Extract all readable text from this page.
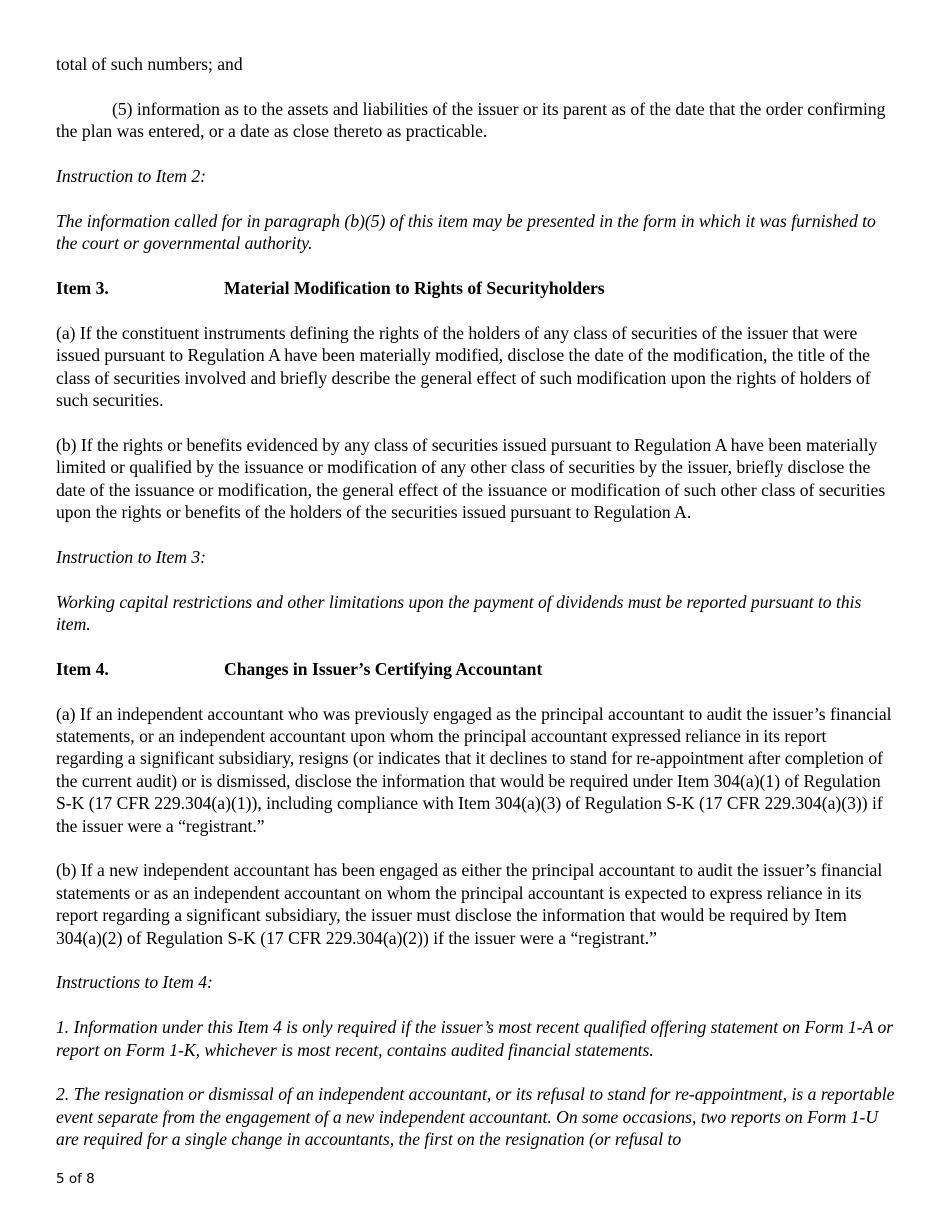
total of such numbers; and

(5) information as to the assets and liabilities of the issuer or its parent as of the date that the order confirming the plan was entered, or a date as close thereto as practicable.

Instruction to Item 2:

The information called for in paragraph (b)(5) of this item may be presented in the form in which it was furnished to the court or governmental authority.

Item 3.	Material Modification to Rights of Securityholders

(a) If the constituent instruments defining the rights of the holders of any class of securities of the issuer that were issued pursuant to Regulation A have been materially modified, disclose the date of the modification, the title of the class of securities involved and briefly describe the general effect of such modification upon the rights of holders of such securities.

(b) If the rights or benefits evidenced by any class of securities issued pursuant to Regulation A have been materially limited or qualified by the issuance or modification of any other class of securities by the issuer, briefly disclose the date of the issuance or modification, the general effect of the issuance or modification of such other class of securities upon the rights or benefits of the holders of the securities issued pursuant to Regulation A.

Instruction to Item 3:

Working capital restrictions and other limitations upon the payment of dividends must be reported pursuant to this item.

Item 4.	Changes in Issuer’s Certifying Accountant

(a) If an independent accountant who was previously engaged as the principal accountant to audit the issuer’s financial statements, or an independent accountant upon whom the principal accountant expressed reliance in its report regarding a significant subsidiary, resigns (or indicates that it declines to stand for re-appointment after completion of the current audit) or is dismissed, disclose the information that would be required under Item 304(a)(1) of Regulation S-K (17 CFR 229.304(a)(1)), including compliance with Item 304(a)(3) of Regulation S-K (17 CFR 229.304(a)(3)) if the issuer were a “registrant.”

(b) If a new independent accountant has been engaged as either the principal accountant to audit the issuer’s financial statements or as an independent accountant on whom the principal accountant is expected to express reliance in its report regarding a significant subsidiary, the issuer must disclose the information that would be required by Item 304(a)(2) of Regulation S-K (17 CFR 229.304(a)(2)) if the issuer were a “registrant.”

Instructions to Item 4:

1. Information under this Item 4 is only required if the issuer’s most recent qualified offering statement on Form 1-A or report on Form 1-K, whichever is most recent, contains audited financial statements.

2. The resignation or dismissal of an independent accountant, or its refusal to stand for re-appointment, is a reportable event separate from the engagement of a new independent accountant. On some occasions, two reports on Form 1-U are required for a single change in accountants, the first on the resignation (or refusal to

5 of 8
